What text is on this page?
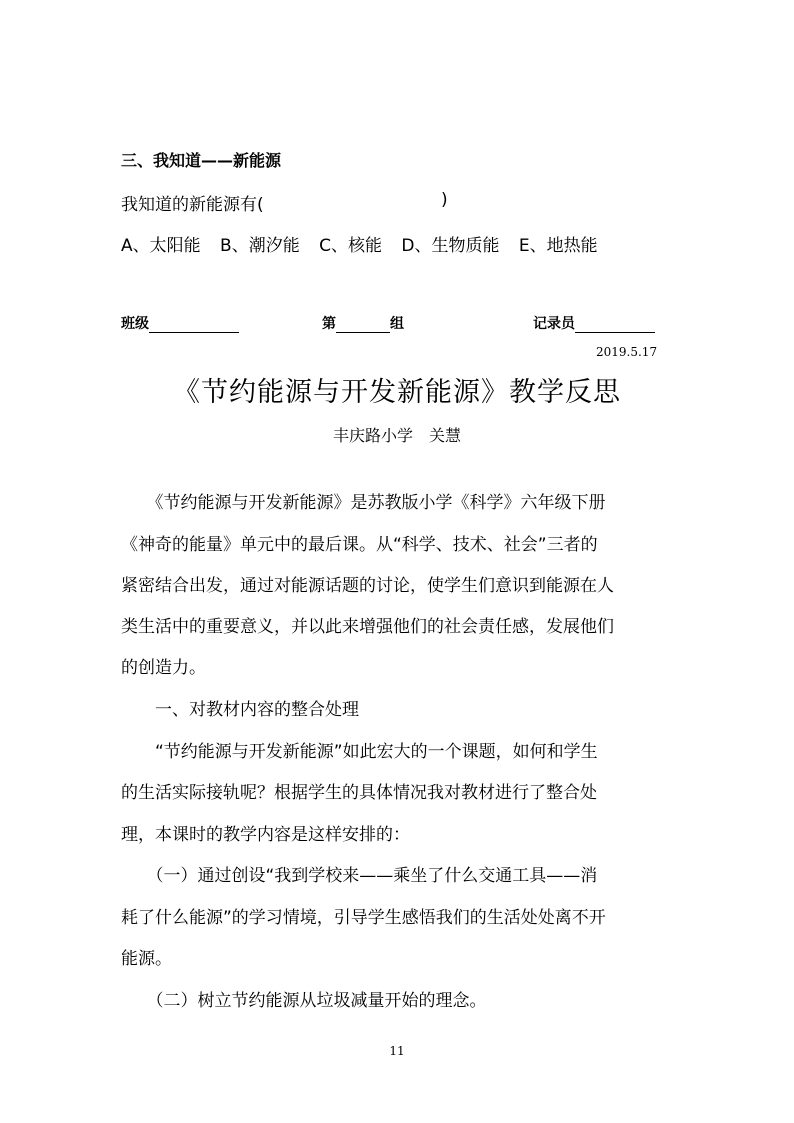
三、我知道——新能源
我知道的新能源有(	)
A、太阳能 B、潮汐能 C、核能 D、生物质能 E、地热能
班级	第	组	记录员
2019.5.17
《节约能源与开发新能源》教学反思
丰庆路小学　关慧
　　《节约能源与开发新能源》是苏教版小学《科学》六年级下册
《神奇的能量》单元中的最后课。从“科学、技术、社会”三者的
紧密结合出发，通过对能源话题的讨论，使学生们意识到能源在人
类生活中的重要意义，并以此来增强他们的社会责任感，发展他们
的创造力。
　　一、对教材内容的整合处理
　　“节约能源与开发新能源”如此宏大的一个课题，如何和学生
的生活实际接轨呢？根据学生的具体情况我对教材进行了整合处
理，本课时的教学内容是这样安排的：
　　（一）通过创设“我到学校来——乘坐了什么交通工具——消
耗了什么能源”的学习情境，引导学生感悟我们的生活处处离不开
能源。
　　（二）树立节约能源从垃圾减量开始的理念。
11
